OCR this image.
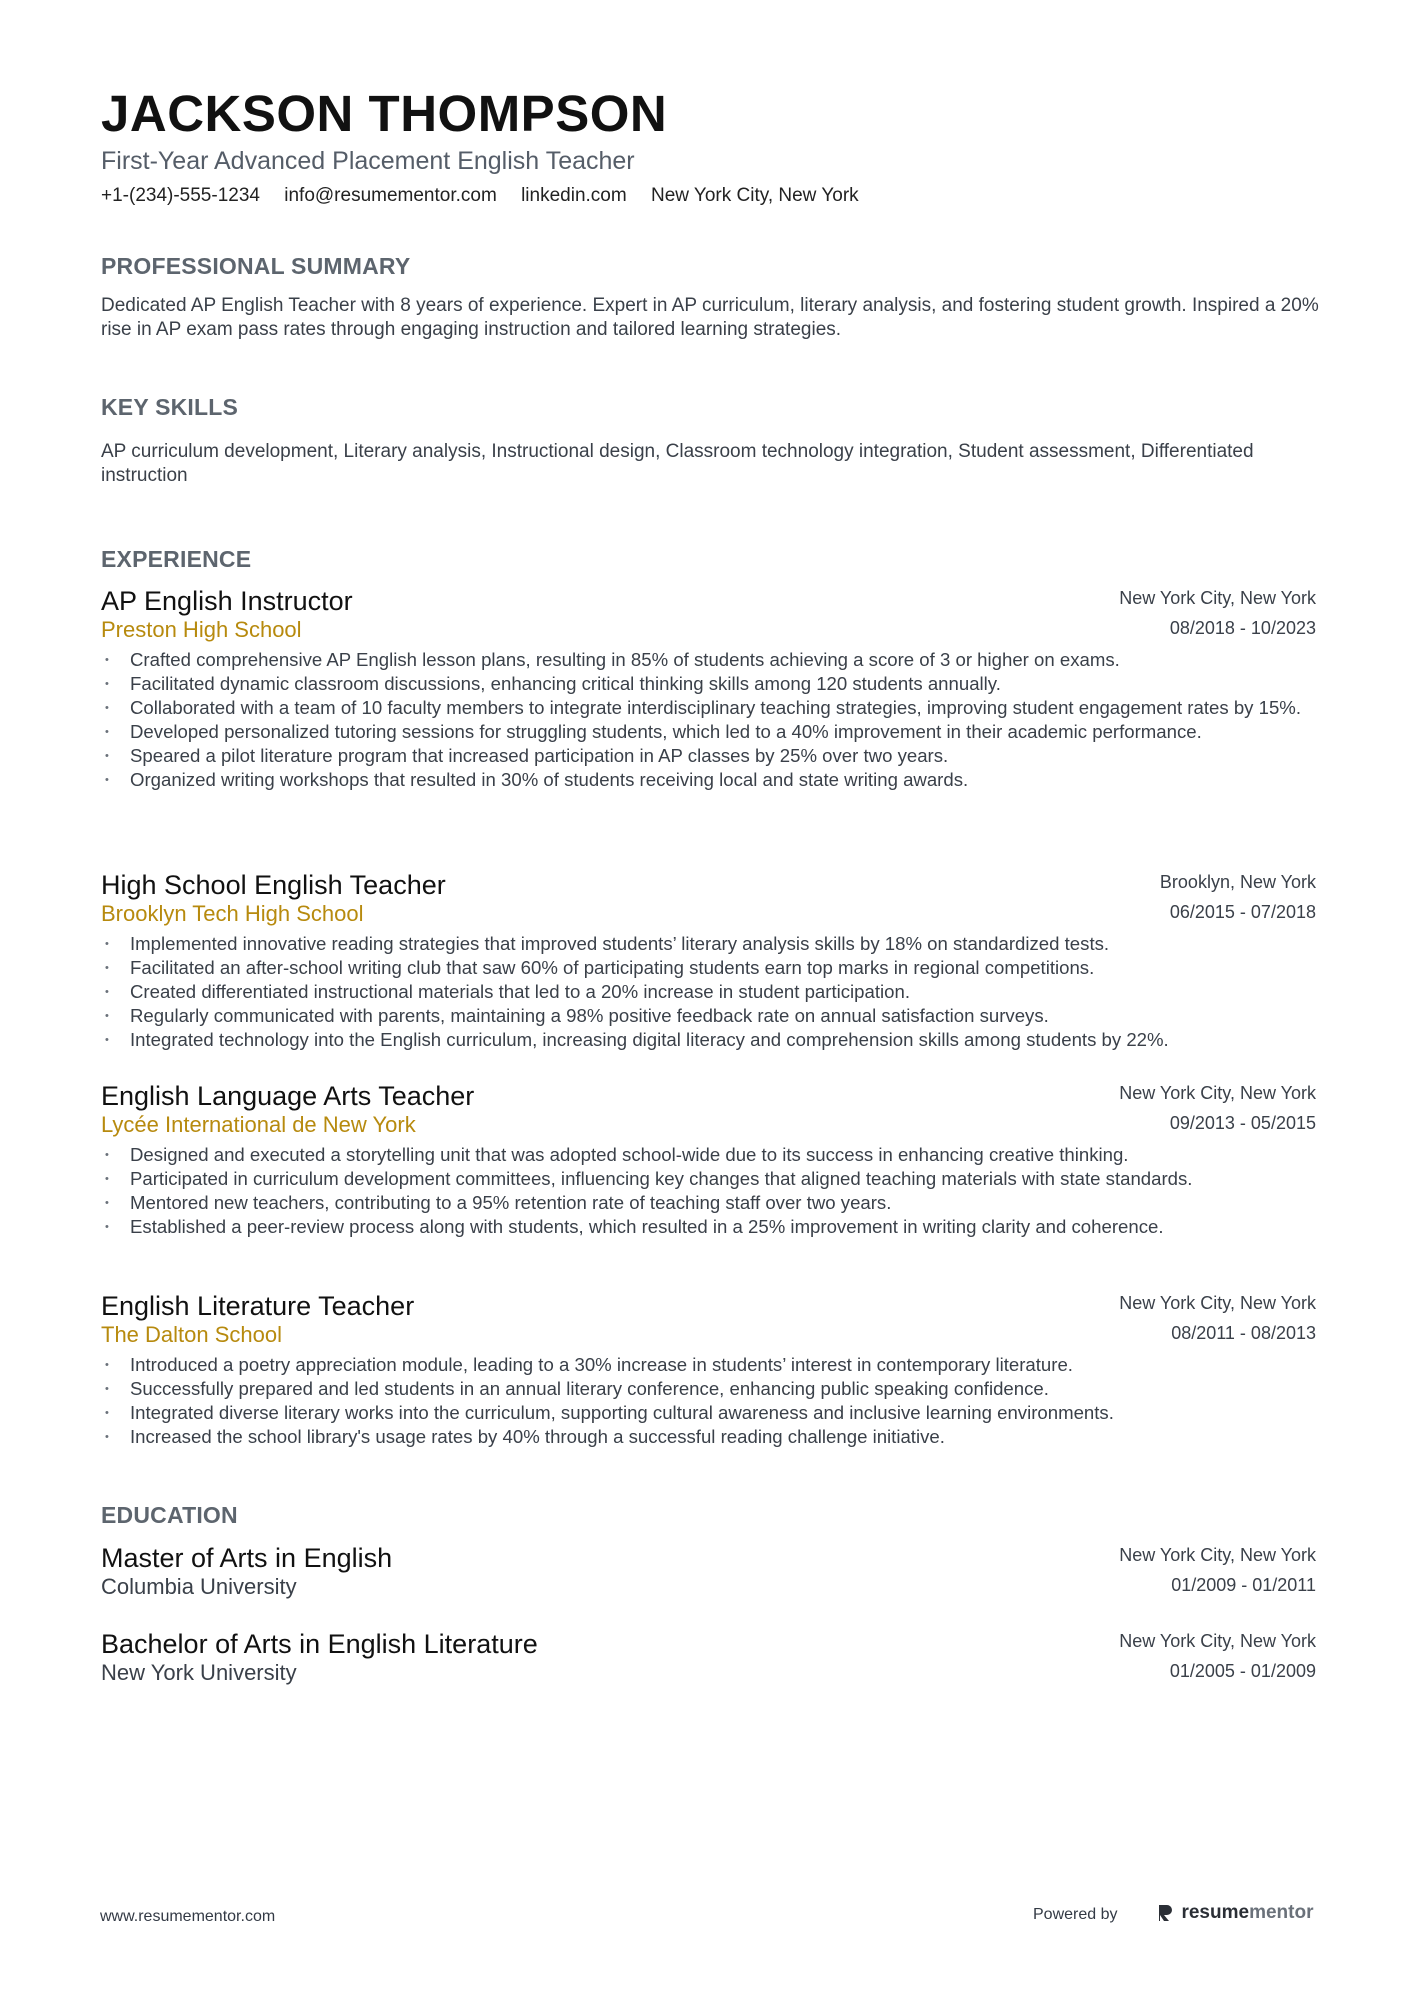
JACKSON THOMPSON
First-Year Advanced Placement English Teacher
+1-(234)-555-1234 info@resumementor.com linkedin.com New York City, New York
PROFESSIONAL SUMMARY
Dedicated AP English Teacher with 8 years of experience. Expert in AP curriculum, literary analysis, and fostering student growth. Inspired a 20% rise in AP exam pass rates through engaging instruction and tailored learning strategies.
KEY SKILLS
AP curriculum development, Literary analysis, Instructional design, Classroom technology integration, Student assessment, Differentiated instruction
EXPERIENCE
AP English Instructor
Preston High School
New York City, New York
08/2018 - 10/2023
• Crafted comprehensive AP English lesson plans, resulting in 85% of students achieving a score of 3 or higher on exams.
• Facilitated dynamic classroom discussions, enhancing critical thinking skills among 120 students annually.
• Collaborated with a team of 10 faculty members to integrate interdisciplinary teaching strategies, improving student engagement rates by 15%.
• Developed personalized tutoring sessions for struggling students, which led to a 40% improvement in their academic performance.
• Speared a pilot literature program that increased participation in AP classes by 25% over two years.
• Organized writing workshops that resulted in 30% of students receiving local and state writing awards.
High School English Teacher
Brooklyn Tech High School
Brooklyn, New York
06/2015 - 07/2018
• Implemented innovative reading strategies that improved students’ literary analysis skills by 18% on standardized tests.
• Facilitated an after-school writing club that saw 60% of participating students earn top marks in regional competitions.
• Created differentiated instructional materials that led to a 20% increase in student participation.
• Regularly communicated with parents, maintaining a 98% positive feedback rate on annual satisfaction surveys.
• Integrated technology into the English curriculum, increasing digital literacy and comprehension skills among students by 22%.
English Language Arts Teacher
Lycée International de New York
New York City, New York
09/2013 - 05/2015
• Designed and executed a storytelling unit that was adopted school-wide due to its success in enhancing creative thinking.
• Participated in curriculum development committees, influencing key changes that aligned teaching materials with state standards.
• Mentored new teachers, contributing to a 95% retention rate of teaching staff over two years.
• Established a peer-review process along with students, which resulted in a 25% improvement in writing clarity and coherence.
English Literature Teacher
The Dalton School
New York City, New York
08/2011 - 08/2013
• Introduced a poetry appreciation module, leading to a 30% increase in students’ interest in contemporary literature.
• Successfully prepared and led students in an annual literary conference, enhancing public speaking confidence.
• Integrated diverse literary works into the curriculum, supporting cultural awareness and inclusive learning environments.
• Increased the school library's usage rates by 40% through a successful reading challenge initiative.
EDUCATION
Master of Arts in English
Columbia University
New York City, New York
01/2009 - 01/2011
Bachelor of Arts in English Literature
New York University
New York City, New York
01/2005 - 01/2009
www.resumementor.com	Powered by	resumementor
